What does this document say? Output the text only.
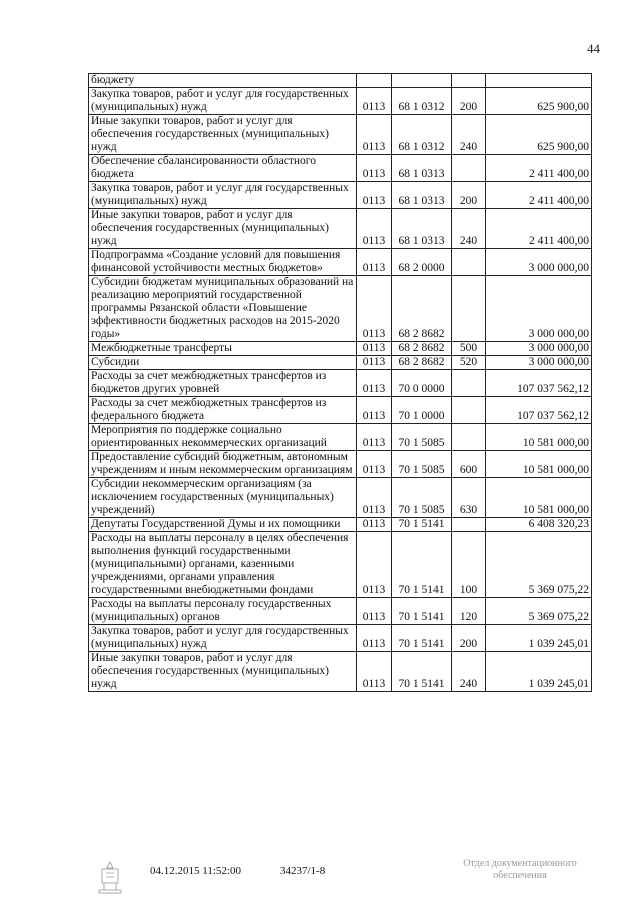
44
бюджету				
Закупка товаров, работ и услуг для государственных (муниципальных) нужд	0113	68 1 0312	200	625 900,00
Иные закупки товаров, работ и услуг для обеспечения государственных (муниципальных) нужд	0113	68 1 0312	240	625 900,00
Обеспечение сбалансированности областного бюджета	0113	68 1 0313		2 411 400,00
Закупка товаров, работ и услуг для государственных (муниципальных) нужд	0113	68 1 0313	200	2 411 400,00
Иные закупки товаров, работ и услуг для обеспечения государственных (муниципальных) нужд	0113	68 1 0313	240	2 411 400,00
Подпрограмма «Создание условий для повышения финансовой устойчивости местных бюджетов»	0113	68 2 0000		3 000 000,00
Субсидии бюджетам муниципальных образований на реализацию мероприятий государственной программы Рязанской области «Повышение эффективности бюджетных расходов на 2015-2020 годы»	0113	68 2 8682		3 000 000,00
Межбюджетные трансферты	0113	68 2 8682	500	3 000 000,00
Субсидии	0113	68 2 8682	520	3 000 000,00
Расходы за счет межбюджетных трансфертов из бюджетов других уровней	0113	70 0 0000		107 037 562,12
Расходы за счет межбюджетных трансфертов из федерального бюджета	0113	70 1 0000		107 037 562,12
Мероприятия по поддержке социально ориентированных некоммерческих организаций	0113	70 1 5085		10 581 000,00
Предоставление субсидий бюджетным, автономным учреждениям и иным некоммерческим организациям	0113	70 1 5085	600	10 581 000,00
Субсидии некоммерческим организациям (за исключением государственных (муниципальных) учреждений)	0113	70 1 5085	630	10 581 000,00
Депутаты Государственной Думы и их помощники	0113	70 1 5141		6 408 320,23
Расходы на выплаты персоналу в целях обеспечения выполнения функций государственными (муниципальными) органами, казенными учреждениями, органами управления государственными внебюджетными фондами	0113	70 1 5141	100	5 369 075,22
Расходы на выплаты персоналу государственных (муниципальных) органов	0113	70 1 5141	120	5 369 075,22
Закупка товаров, работ и услуг для государственных (муниципальных) нужд	0113	70 1 5141	200	1 039 245,01
Иные закупки товаров, работ и услуг для обеспечения государственных (муниципальных) нужд	0113	70 1 5141	240	1 039 245,01
04.12.2015 11:52:00	34237/1-8
Отдел документационного обеспечения
